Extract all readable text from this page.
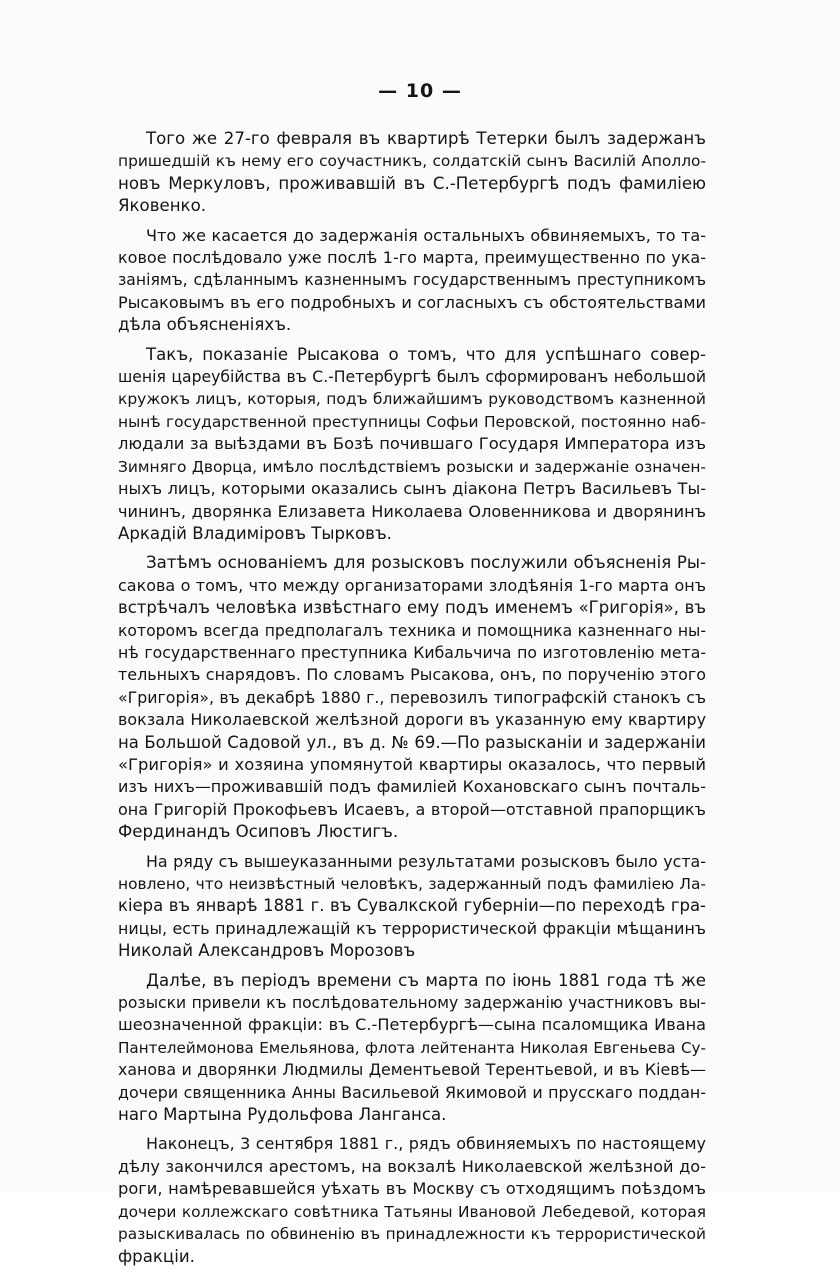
— 10 —
Того же 27-го февраля въ квартирѣ Тетерки былъ задержанъ
пришедшій къ нему его соучастникъ, солдатскій сынъ Василій Аполло-
новъ Меркуловъ, проживавшій въ С.-Петербургѣ подъ фамиліею
Яковенко.
Что же касается до задержанія остальныхъ обвиняемыхъ, то та-
ковое послѣдовало уже послѣ 1-го марта, преимущественно по ука-
заніямъ, сдѣланнымъ казненнымъ государственнымъ преступникомъ
Рысаковымъ въ его подробныхъ и согласныхъ съ обстоятельствами
дѣла объясненіяхъ.
Такъ, показаніе Рысакова о томъ, что для успѣшнаго совер-
шенія цареубійства въ С.-Петербургѣ былъ сформированъ небольшой
кружокъ лицъ, которыя, подъ ближайшимъ руководствомъ казненной
нынѣ государственной преступницы Софьи Перовской, постоянно наб-
людали за выѣздами въ Бозѣ почившаго Государя Императора изъ
Зимняго Дворца, имѣло послѣдствіемъ розыски и задержаніе означен-
ныхъ лицъ, которыми оказались сынъ діакона Петръ Васильевъ Ты-
чининъ, дворянка Елизавета Николаева Оловенникова и дворянинъ
Аркадій Владиміровъ Тырковъ.
Затѣмъ основаніемъ для розысковъ послужили объясненія Ры-
сакова о томъ, что между организаторами злодѣянія 1-го марта онъ
встрѣчалъ человѣка извѣстнаго ему подъ именемъ «Григорія», въ
которомъ всегда предполагалъ техника и помощника казненнаго ны-
нѣ государственнаго преступника Кибальчича по изготовленію мета-
тельныхъ снарядовъ. По словамъ Рысакова, онъ, по порученію этого
«Григорія», въ декабрѣ 1880 г., перевозилъ типографскій станокъ съ
вокзала Николаевской желѣзной дороги въ указанную ему квартиру
на Большой Садовой ул., въ д. № 69.—По разысканіи и задержаніи
«Григорія» и хозяина упомянутой квартиры оказалось, что первый
изъ нихъ—проживавшій подъ фамиліей Кохановскаго сынъ почталь-
она Григорій Прокофьевъ Исаевъ, а второй—отставной прапорщикъ
Фердинандъ Осиповъ Люстигъ.
На ряду съ вышеуказанными результатами розысковъ было уста-
новлено, что неизвѣстный человѣкъ, задержанный подъ фамиліею Ла-
кіера въ январѣ 1881 г. въ Сувалкской губерніи—по переходѣ гра-
ницы, есть принадлежащій къ террористической фракціи мѣщанинъ
Николай Александровъ Морозовъ
Далѣе, въ періодъ времени съ марта по іюнь 1881 года тѣ же
розыски привели къ послѣдовательному задержанію участниковъ вы-
шеозначенной фракціи: въ С.-Петербургѣ—сына псаломщика Ивана
Пантелеймонова Емельянова, флота лейтенанта Николая Евгеньева Су-
ханова и дворянки Людмилы Дементьевой Терентьевой, и въ Кіевѣ—
дочери священника Анны Васильевой Якимовой и прусскаго поддан-
наго Мартына Рудольфова Ланганса.
Наконецъ, 3 сентября 1881 г., рядъ обвиняемыхъ по настоящему
дѣлу закончился арестомъ, на вокзалѣ Николаевской желѣзной до-
роги, намѣревавшейся уѣхать въ Москву съ отходящимъ поѣздомъ
дочери коллежскаго совѣтника Татьяны Ивановой Лебедевой, которая
разыскивалась по обвиненію въ принадлежности къ террористической
фракціи.
